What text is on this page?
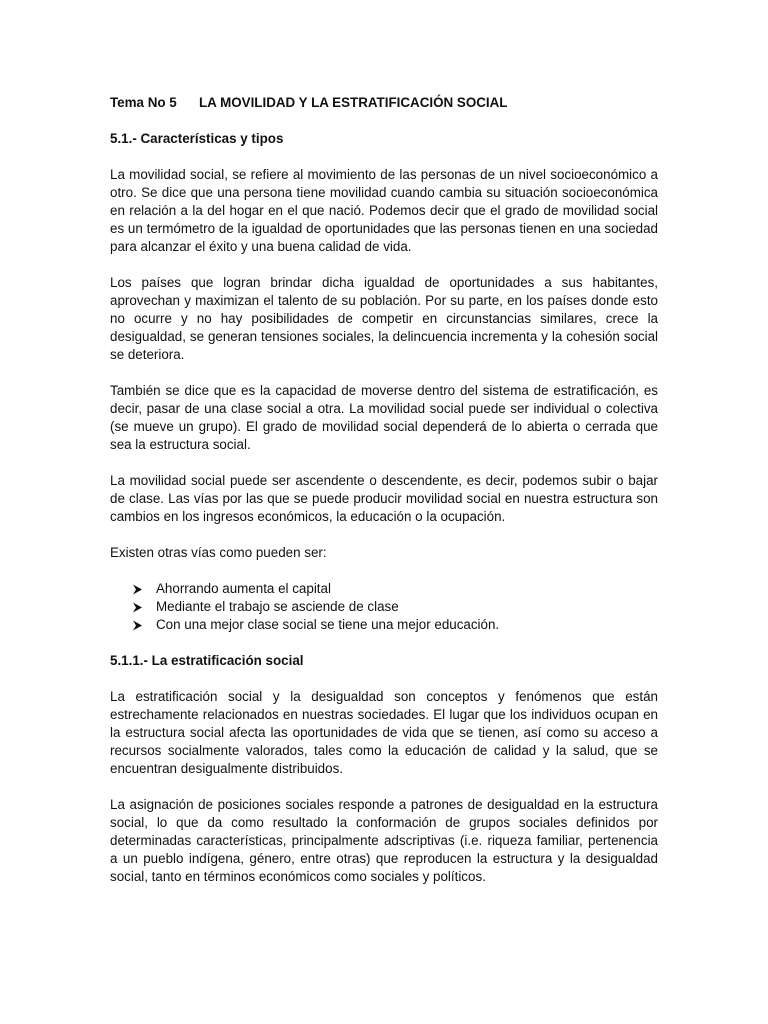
Tema No 5 LA MOVILIDAD Y LA ESTRATIFICACIÓN SOCIAL
5.1.- Características y tipos

La movilidad social, se refiere al movimiento de las personas de un nivel socioeconómico a otro. Se dice que una persona tiene movilidad cuando cambia su situación socioeconómica en relación a la del hogar en el que nació. Podemos decir que el grado de movilidad social es un termómetro de la igualdad de oportunidades que las personas tienen en una sociedad para alcanzar el éxito y una buena calidad de vida.

Los países que logran brindar dicha igualdad de oportunidades a sus habitantes, aprovechan y maximizan el talento de su población. Por su parte, en los países donde esto no ocurre y no hay posibilidades de competir en circunstancias similares, crece la desigualdad, se generan tensiones sociales, la delincuencia incrementa y la cohesión social se deteriora.

También se dice que es la capacidad de moverse dentro del sistema de estratificación, es decir, pasar de una clase social a otra. La movilidad social puede ser individual o colectiva (se mueve un grupo). El grado de movilidad social dependerá de lo abierta o cerrada que sea la estructura social.

La movilidad social puede ser ascendente o descendente, es decir, podemos subir o bajar de clase. Las vías por las que se puede producir movilidad social en nuestra estructura son cambios en los ingresos económicos, la educación o la ocupación.

Existen otras vías como pueden ser:
Ahorrando aumenta el capital
Mediante el trabajo se asciende de clase
Con una mejor clase social se tiene una mejor educación.
5.1.1.- La estratificación social

La estratificación social y la desigualdad son conceptos y fenómenos que están estrechamente relacionados en nuestras sociedades. El lugar que los individuos ocupan en la estructura social afecta las oportunidades de vida que se tienen, así como su acceso a recursos socialmente valorados, tales como la educación de calidad y la salud, que se encuentran desigualmente distribuidos.

La asignación de posiciones sociales responde a patrones de desigualdad en la estructura social, lo que da como resultado la conformación de grupos sociales definidos por determinadas características, principalmente adscriptivas (i.e. riqueza familiar, pertenencia a un pueblo indígena, género, entre otras) que reproducen la estructura y la desigualdad social, tanto en términos económicos como sociales y políticos.
